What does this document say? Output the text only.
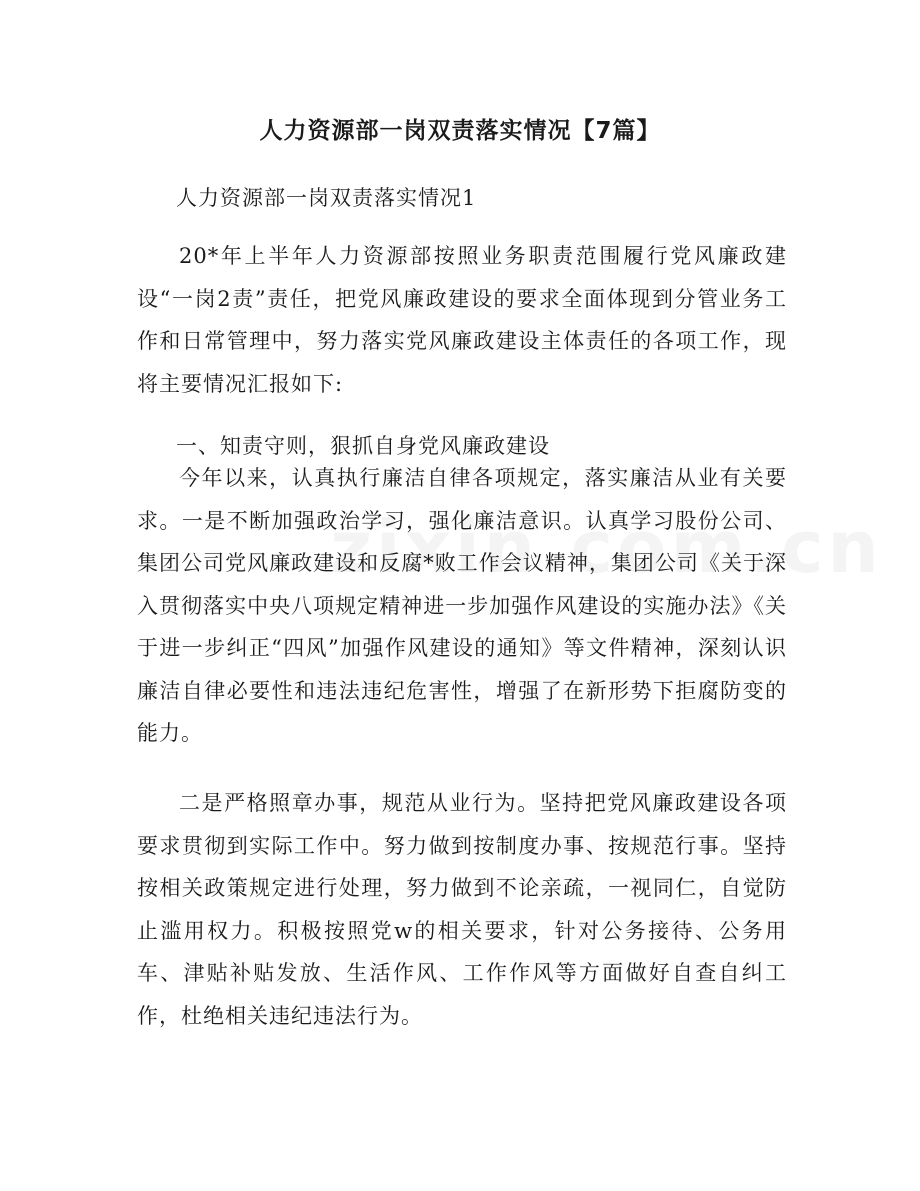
人力资源部一岗双责落实情况【7篇】

人力资源部一岗双责落实情况1

20*年上半年人力资源部按照业务职责范围履行党风廉政建设“一岗2责”责任，把党风廉政建设的要求全面体现到分管业务工作和日常管理中，努力落实党风廉政建设主体责任的各项工作，现将主要情况汇报如下:

一、知责守则，狠抓自身党风廉政建设

今年以来，认真执行廉洁自律各项规定，落实廉洁从业有关要求。一是不断加强政治学习，强化廉洁意识。认真学习股份公司、集团公司党风廉政建设和反腐*败工作会议精神，集团公司《关于深入贯彻落实中央八项规定精神进一步加强作风建设的实施办法》《关于进一步纠正“四风”加强作风建设的通知》等文件精神，深刻认识廉洁自律必要性和违法违纪危害性，增强了在新形势下拒腐防变的能力。

二是严格照章办事，规范从业行为。坚持把党风廉政建设各项要求贯彻到实际工作中。努力做到按制度办事、按规范行事。坚持按相关政策规定进行处理，努力做到不论亲疏，一视同仁，自觉防止滥用权力。积极按照党w的相关要求，针对公务接待、公务用车、津贴补贴发放、生活作风、工作作风等方面做好自查自纠工作，杜绝相关违纪违法行为。
